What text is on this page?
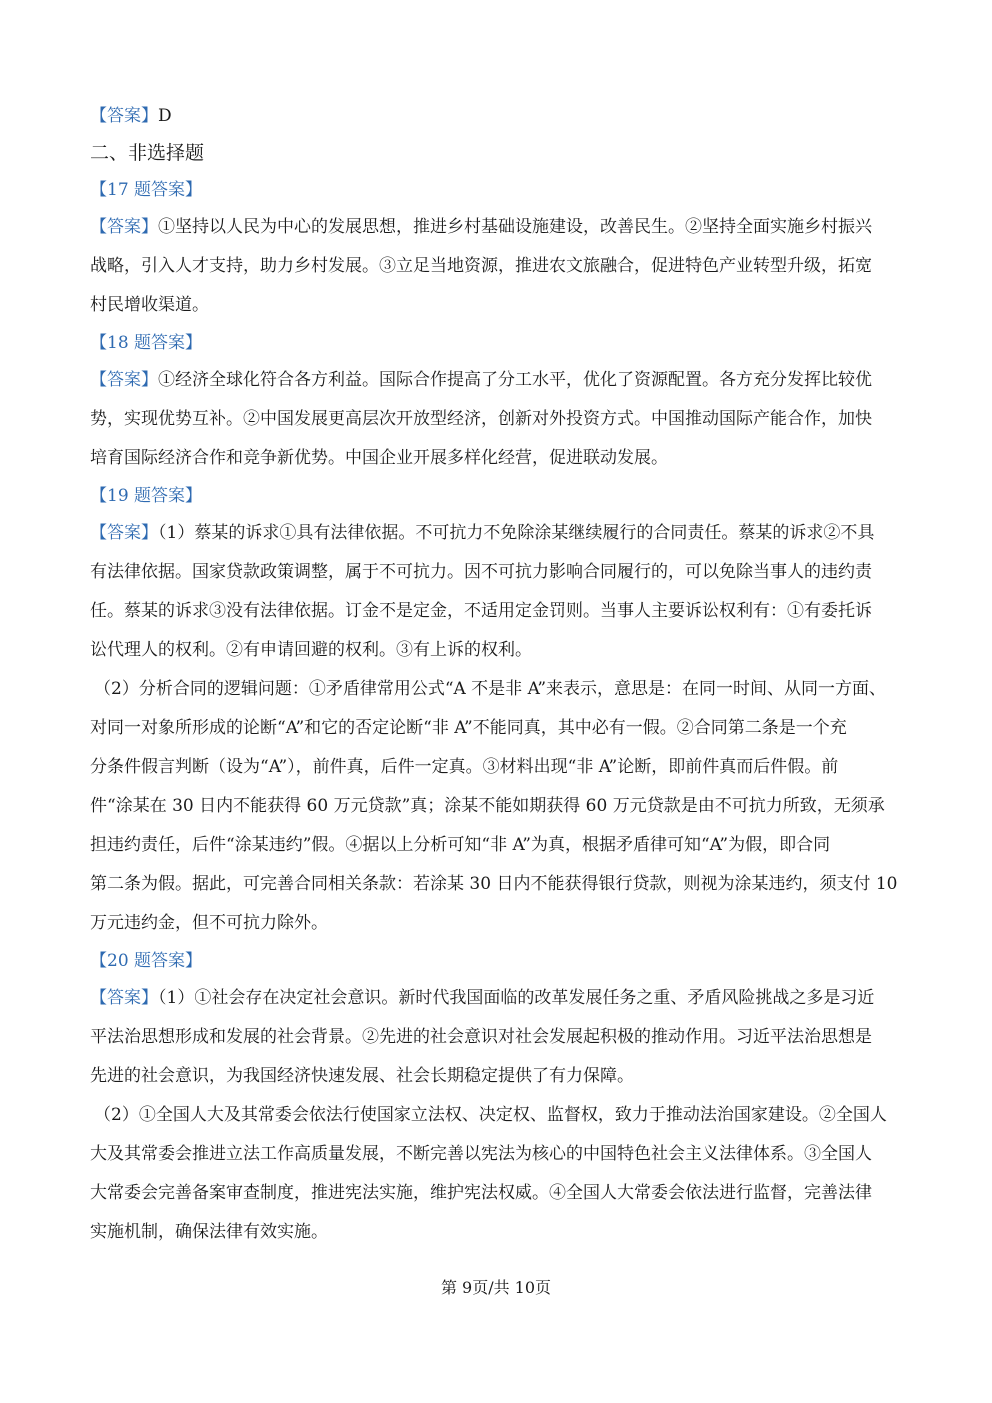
【答案】D
二、非选择题
【17 题答案】
【答案】①坚持以人民为中心的发展思想，推进乡村基础设施建设，改善民生。②坚持全面实施乡村振兴
战略，引入人才支持，助力乡村发展。③立足当地资源，推进农文旅融合，促进特色产业转型升级，拓宽
村民增收渠道。
【18 题答案】
【答案】①经济全球化符合各方利益。国际合作提高了分工水平，优化了资源配置。各方充分发挥比较优
势，实现优势互补。②中国发展更高层次开放型经济，创新对外投资方式。中国推动国际产能合作，加快
培育国际经济合作和竞争新优势。中国企业开展多样化经营，促进联动发展。
【19 题答案】
【答案】（1）蔡某的诉求①具有法律依据。不可抗力不免除涂某继续履行的合同责任。蔡某的诉求②不具
有法律依据。国家贷款政策调整，属于不可抗力。因不可抗力影响合同履行的，可以免除当事人的违约责
任。蔡某的诉求③没有法律依据。订金不是定金，不适用定金罚则。当事人主要诉讼权利有：①有委托诉
讼代理人的权利。②有申请回避的权利。③有上诉的权利。
（2）分析合同的逻辑问题：①矛盾律常用公式“A 不是非 A”来表示，意思是：在同一时间、从同一方面、
对同一对象所形成的论断“A”和它的否定论断“非 A”不能同真，其中必有一假。②合同第二条是一个充
分条件假言判断（设为“A”），前件真，后件一定真。③材料出现“非 A”论断，即前件真而后件假。前
件“涂某在 30 日内不能获得 60 万元贷款”真；涂某不能如期获得 60 万元贷款是由不可抗力所致，无须承
担违约责任，后件“涂某违约”假。④据以上分析可知“非 A”为真，根据矛盾律可知“A”为假，即合同
第二条为假。据此，可完善合同相关条款：若涂某 30 日内不能获得银行贷款，则视为涂某违约，须支付 10
万元违约金，但不可抗力除外。
【20 题答案】
【答案】（1）①社会存在决定社会意识。新时代我国面临的改革发展任务之重、矛盾风险挑战之多是习近
平法治思想形成和发展的社会背景。②先进的社会意识对社会发展起积极的推动作用。习近平法治思想是
先进的社会意识，为我国经济快速发展、社会长期稳定提供了有力保障。
（2）①全国人大及其常委会依法行使国家立法权、决定权、监督权，致力于推动法治国家建设。②全国人
大及其常委会推进立法工作高质量发展，不断完善以宪法为核心的中国特色社会主义法律体系。③全国人
大常委会完善备案审查制度，推进宪法实施，维护宪法权威。④全国人大常委会依法进行监督，完善法律
实施机制，确保法律有效实施。
第 9页/共 10页
